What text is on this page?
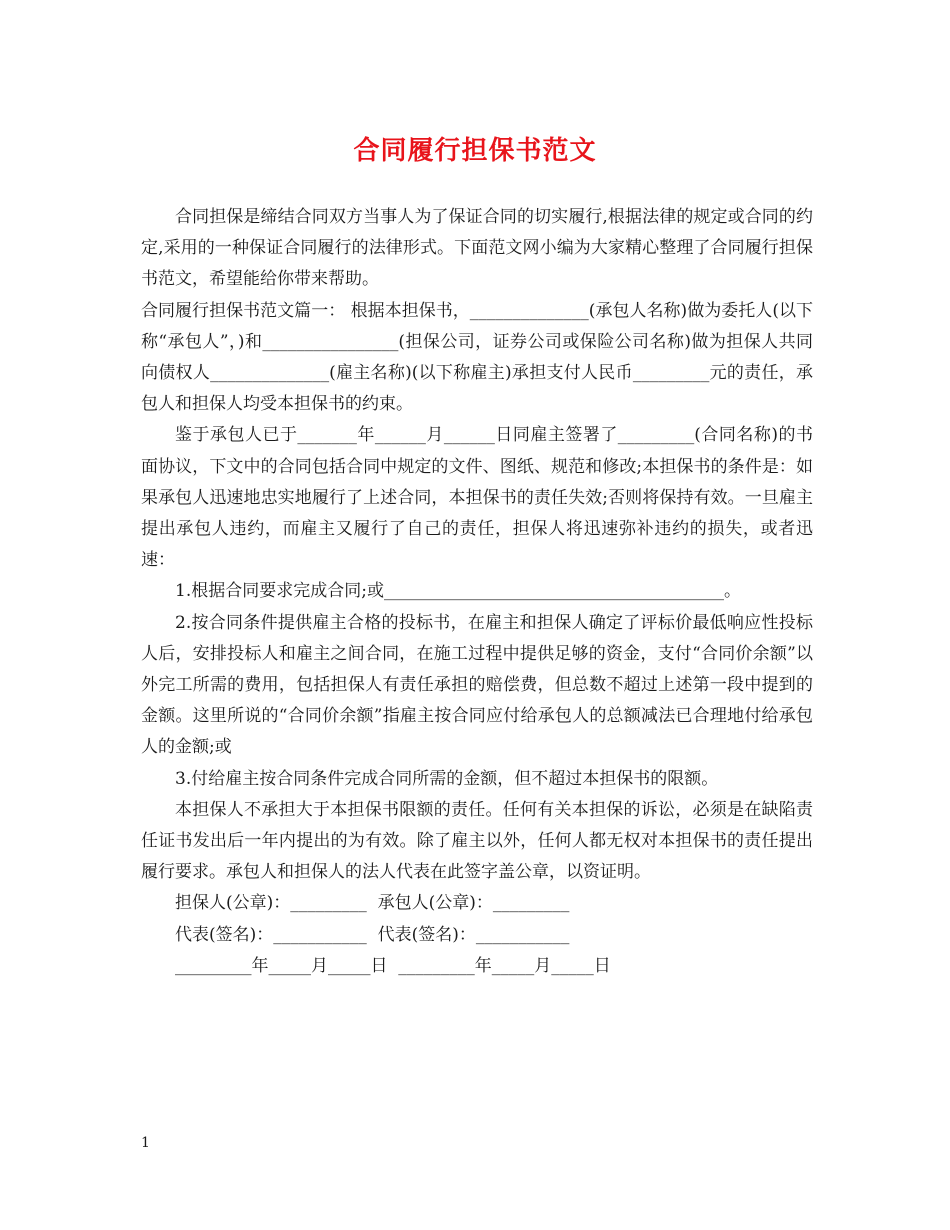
合同履行担保书范文

合同担保是缔结合同双方当事人为了保证合同的切实履行,根据法律的规定或合同的约定,采用的一种保证合同履行的法律形式。下面范文网小编为大家精心整理了合同履行担保书范文，希望能给你带来帮助。

合同履行担保书范文篇一： 根据本担保书，______________(承包人名称)做为委托人(以下称“承包人”，)和________________(担保公司，证券公司或保险公司名称)做为担保人共同向债权人______________(雇主名称)(以下称雇主)承担支付人民币_________元的责任，承包人和担保人均受本担保书的约束。

鉴于承包人已于_______年______月______日同雇主签署了_________(合同名称)的书面协议，下文中的合同包括合同中规定的文件、图纸、规范和修改;本担保书的条件是：如果承包人迅速地忠实地履行了上述合同，本担保书的责任失效;否则将保持有效。一旦雇主提出承包人违约，而雇主又履行了自己的责任，担保人将迅速弥补违约的损失，或者迅速：

1.根据合同要求完成合同;或________________________________________。

2.按合同条件提供雇主合格的投标书，在雇主和担保人确定了评标价最低响应性投标人后，安排投标人和雇主之间合同，在施工过程中提供足够的资金，支付“合同价余额”以外完工所需的费用，包括担保人有责任承担的赔偿费，但总数不超过上述第一段中提到的金额。这里所说的“合同价余额”指雇主按合同应付给承包人的总额减法已合理地付给承包人的金额;或

3.付给雇主按合同条件完成合同所需的金额，但不超过本担保书的限额。

本担保人不承担大于本担保书限额的责任。任何有关本担保的诉讼，必须是在缺陷责任证书发出后一年内提出的为有效。除了雇主以外，任何人都无权对本担保书的责任提出履行要求。承包人和担保人的法人代表在此签字盖公章，以资证明。

担保人(公章)：_________  承包人(公章)：_________

代表(签名)：___________  代表(签名)：___________

_________年_____月_____日  _________年_____月_____日

1
